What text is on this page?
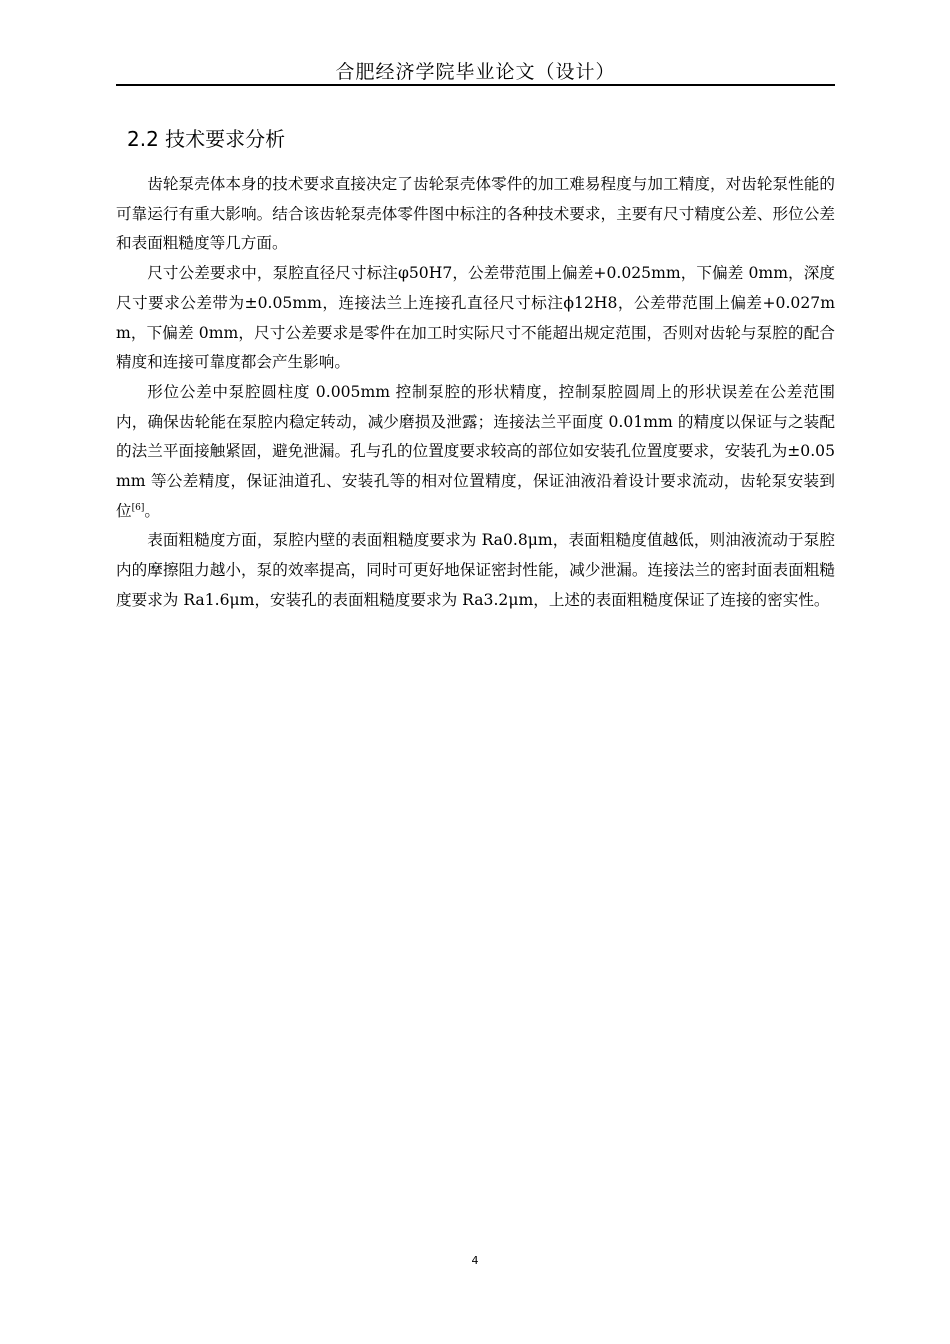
合肥经济学院毕业论文（设计）
2.2 技术要求分析

齿轮泵壳体本身的技术要求直接决定了齿轮泵壳体零件的加工难易程度与加工精度，对齿轮泵性能的可靠运行有重大影响。结合该齿轮泵壳体零件图中标注的各种技术要求，主要有尺寸精度公差、形位公差和表面粗糙度等几方面。

尺寸公差要求中，泵腔直径尺寸标注φ50H7，公差带范围上偏差+0.025mm，下偏差 0mm，深度尺寸要求公差带为±0.05mm，连接法兰上连接孔直径尺寸标注ϕ12H8，公差带范围上偏差+0.027mm，下偏差 0mm，尺寸公差要求是零件在加工时实际尺寸不能超出规定范围，否则对齿轮与泵腔的配合精度和连接可靠度都会产生影响。

形位公差中泵腔圆柱度 0.005mm 控制泵腔的形状精度，控制泵腔圆周上的形状误差在公差范围内，确保齿轮能在泵腔内稳定转动，减少磨损及泄露；连接法兰平面度 0.01mm 的精度以保证与之装配的法兰平面接触紧固，避免泄漏。孔与孔的位置度要求较高的部位如安装孔位置度要求，安装孔为±0.05mm 等公差精度，保证油道孔、安装孔等的相对位置精度，保证油液沿着设计要求流动，齿轮泵安装到位[6]。

表面粗糙度方面，泵腔内壁的表面粗糙度要求为 Ra0.8μm，表面粗糙度值越低，则油液流动于泵腔内的摩擦阻力越小，泵的效率提高，同时可更好地保证密封性能，减少泄漏。连接法兰的密封面表面粗糙度要求为 Ra1.6μm，安装孔的表面粗糙度要求为 Ra3.2μm，上述的表面粗糙度保证了连接的密实性。

4
